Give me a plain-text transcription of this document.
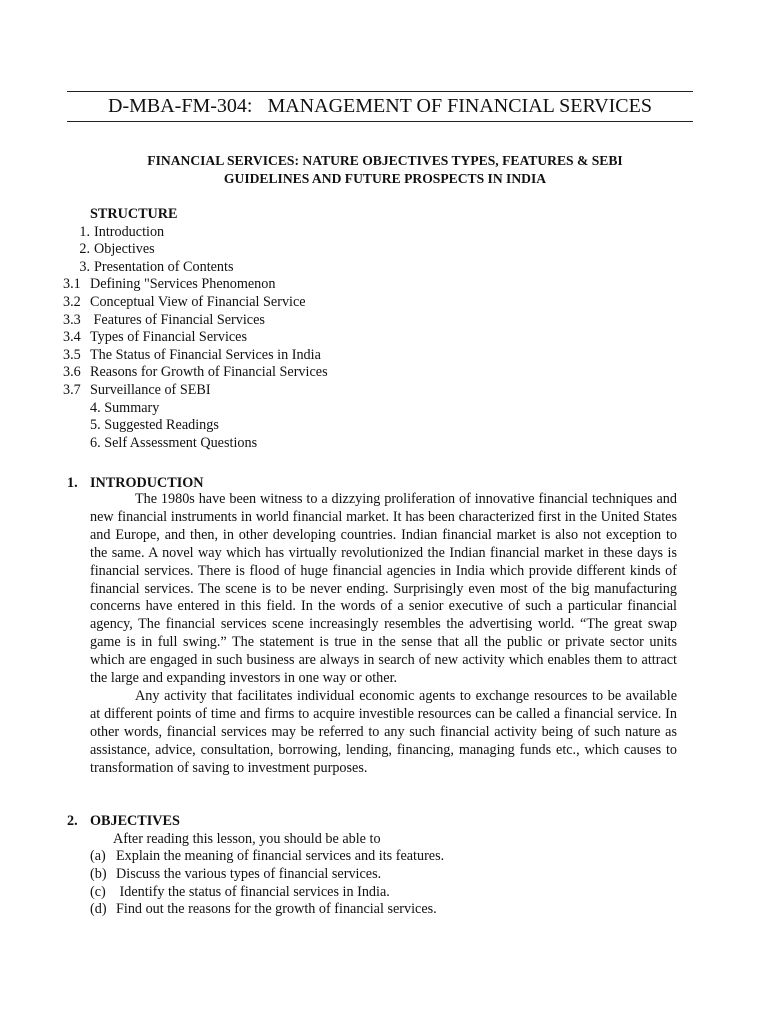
D-MBA-FM-304:   MANAGEMENT OF FINANCIAL SERVICES
FINANCIAL SERVICES: NATURE OBJECTIVES TYPES, FEATURES & SEBI
GUIDELINES AND FUTURE PROSPECTS IN INDIA
STRUCTURE
1. Introduction
2. Objectives
3. Presentation of Contents
3.1 Defining "Services Phenomenon
3.2 Conceptual View of Financial Service
3.3 Features of Financial Services
3.4 Types of Financial Services
3.5 The Status of Financial Services in India
3.6 Reasons for Growth of Financial Services
3.7 Surveillance of SEBI
4. Summary
5. Suggested Readings
6. Self Assessment Questions
1. INTRODUCTION

The 1980s have been witness to a dizzying proliferation of innovative financial techniques and new financial instruments in world financial market. It has been characterized first in the United States and Europe, and then, in other developing countries. Indian financial market is also not exception to the same. A novel way which has virtually revolutionized the Indian financial market in these days is financial services. There is flood of huge financial agencies in India which provide different kinds of financial services. The scene is to be never ending. Surprisingly even most of the big manufacturing concerns have entered in this field. In the words of a senior executive of such a particular financial agency, The financial services scene increasingly resembles the advertising world. “The great swap game is in full swing.” The statement is true in the sense that all the public or private sector units which are engaged in such business are always in search of new activity which enables them to attract the large and expanding investors in one way or other.

Any activity that facilitates individual economic agents to exchange resources to be available at different points of time and firms to acquire investible resources can be called a financial service. In other words, financial services may be referred to any such financial activity being of such nature as assistance, advice, consultation, borrowing, lending, financing, managing funds etc., which causes to transformation of saving to investment purposes.

2. OBJECTIVES
After reading this lesson, you should be able to
(a) Explain the meaning of financial services and its features.
(b) Discuss the various types of financial services.
(c) Identify the status of financial services in India.
(d) Find out the reasons for the growth of financial services.
